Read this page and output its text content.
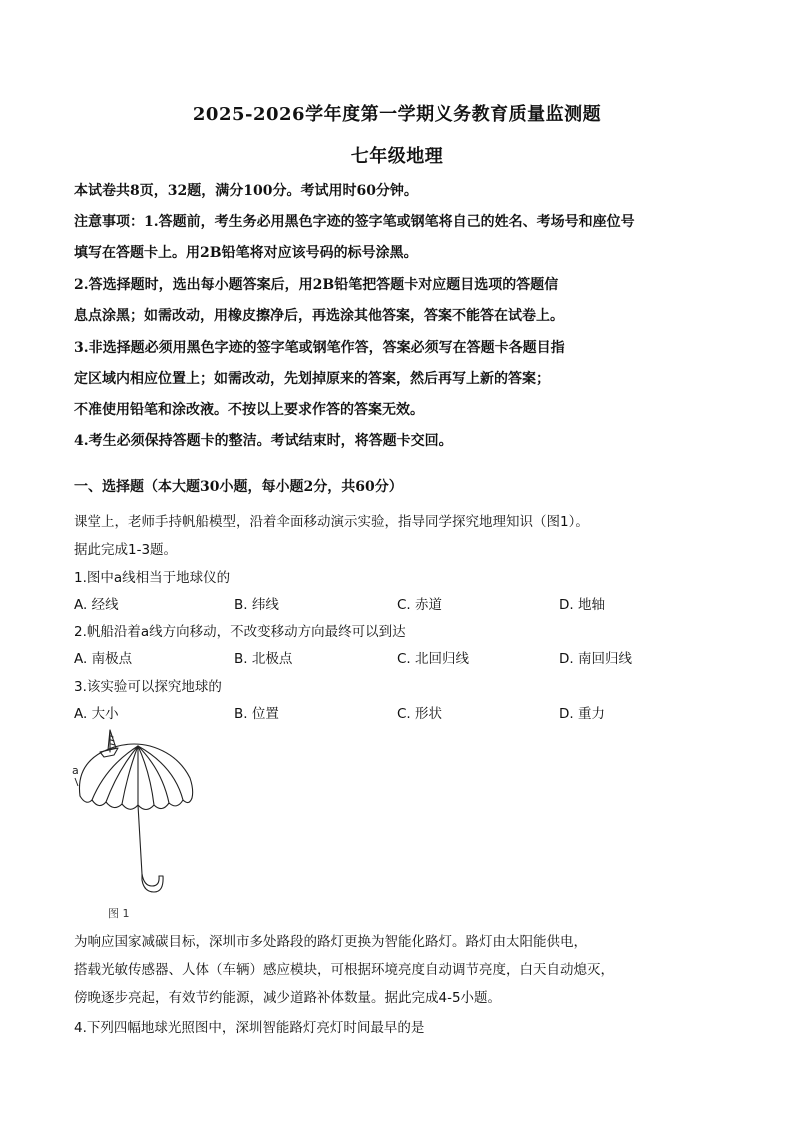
2025-2026学年度第一学期义务教育质量监测题
七年级地理
本试卷共8页，32题，满分100分。考试用时60分钟。
注意事项：1.答题前，考生务必用黑色字迹的签字笔或钢笔将自己的姓名、考场号和座位号
填写在答题卡上。用2B铅笔将对应该号码的标号涂黑。
2.答选择题时，选出每小题答案后，用2B铅笔把答题卡对应题目选项的答题信
息点涂黑；如需改动，用橡皮擦净后，再选涂其他答案，答案不能答在试卷上。
3.非选择题必须用黑色字迹的签字笔或钢笔作答，答案必须写在答题卡各题目指
定区域内相应位置上；如需改动，先划掉原来的答案，然后再写上新的答案；
不准使用铅笔和涂改液。不按以上要求作答的答案无效。
4.考生必须保持答题卡的整洁。考试结束时，将答题卡交回。
一、选择题（本大题30小题，每小题2分，共60分）
课堂上，老师手持帆船模型，沿着伞面移动演示实验，指导同学探究地理知识（图1）。
据此完成1-3题。
1.图中a线相当于地球仪的
A. 经线	B. 纬线	C. 赤道	D. 地轴
2.帆船沿着a线方向移动，不改变移动方向最终可以到达
A. 南极点	B. 北极点	C. 北回归线	D. 南回归线
3.该实验可以探究地球的
A. 大小	B. 位置	C. 形状	D. 重力
a
图 1
为响应国家减碳目标，深圳市多处路段的路灯更换为智能化路灯。路灯由太阳能供电，
搭载光敏传感器、人体（车辆）感应模块，可根据环境亮度自动调节亮度，白天自动熄灭，
傍晚逐步亮起，有效节约能源，减少道路补体数量。据此完成4-5小题。
4.下列四幅地球光照图中，深圳智能路灯亮灯时间最早的是
